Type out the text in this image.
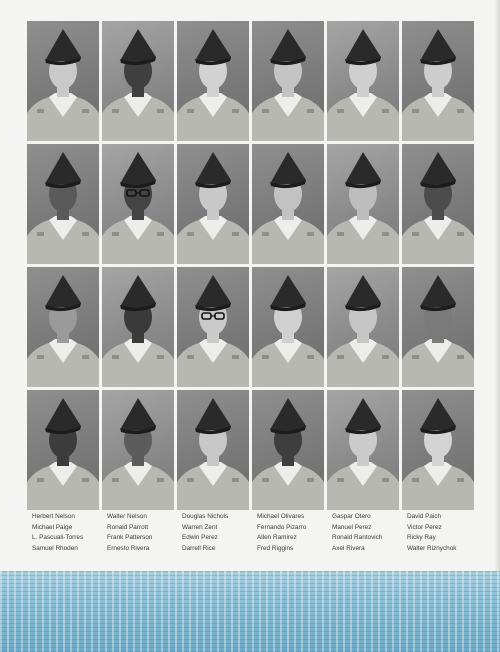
Herbert Nelson	Walter Nelson	Douglas Nichols	Michael Olivares	Gaspar Otero	David Paich
Michael Paige	Ronald Parrott	Warren Zent	Fernando Pizarro	Manuel Perez	Victor Perez
L. Pascuali-Torres	Frank Patterson	Edwin Perez	Allen Ramirez	Ronald Rantovich	Ricky Ray
Samuel Rhoden	Ernesto Rivera	Darrell Rice	Fred Riggins	Axel Rivera	Walter Riznychok
